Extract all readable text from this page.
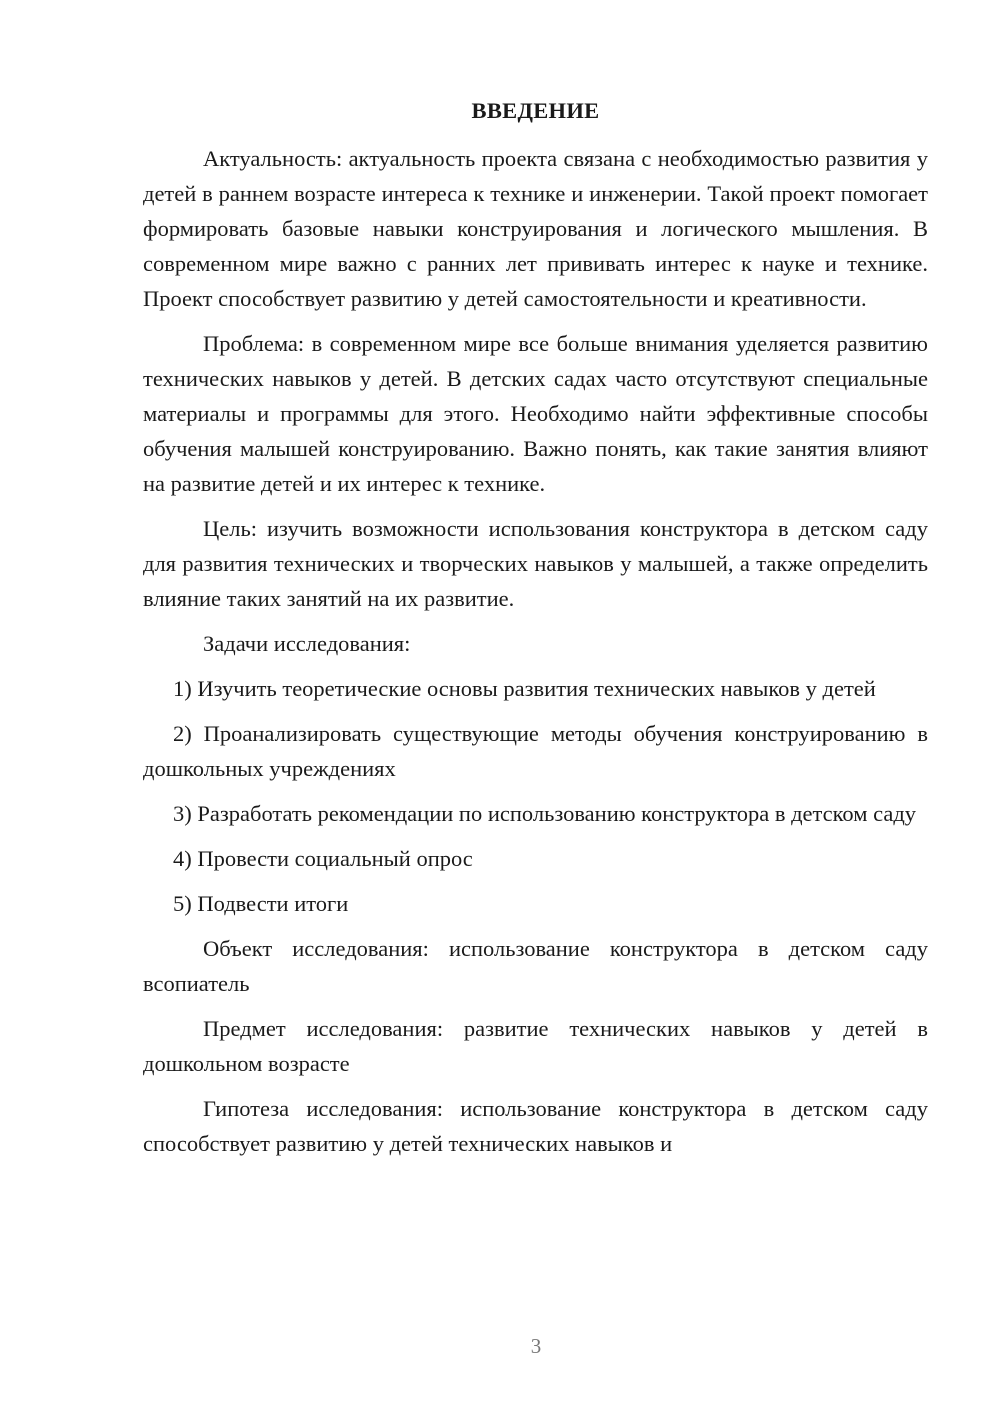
ВВЕДЕНИЕ

Актуальность: актуальность проекта связана с необходимостью развития у детей в раннем возрасте интереса к технике и инженерии. Такой проект помогает формировать базовые навыки конструирования и логического мышления. В современном мире важно с ранних лет прививать интерес к науке и технике. Проект способствует развитию у детей самостоятельности и креативности.

Проблема: в современном мире все больше внимания уделяется развитию технических навыков у детей. В детских садах часто отсутствуют специальные материалы и программы для этого. Необходимо найти эффективные способы обучения малышей конструированию. Важно понять, как такие занятия влияют на развитие детей и их интерес к технике.

Цель: изучить возможности использования конструктора в детском саду для развития технических и творческих навыков у малышей, а также определить влияние таких занятий на их развитие.

Задачи исследования:

1) Изучить теоретические основы развития технических навыков у детей

2) Проанализировать существующие методы обучения конструированию в дошкольных учреждениях

3) Разработать рекомендации по использованию конструктора в детском саду

4) Провести социальный опрос

5) Подвести итоги

Объект исследования: использование конструктора в детском саду всопиатель

Предмет исследования: развитие технических навыков у детей в дошкольном возрасте

Гипотеза исследования: использование конструктора в детском саду способствует развитию у детей технических навыков и

3
